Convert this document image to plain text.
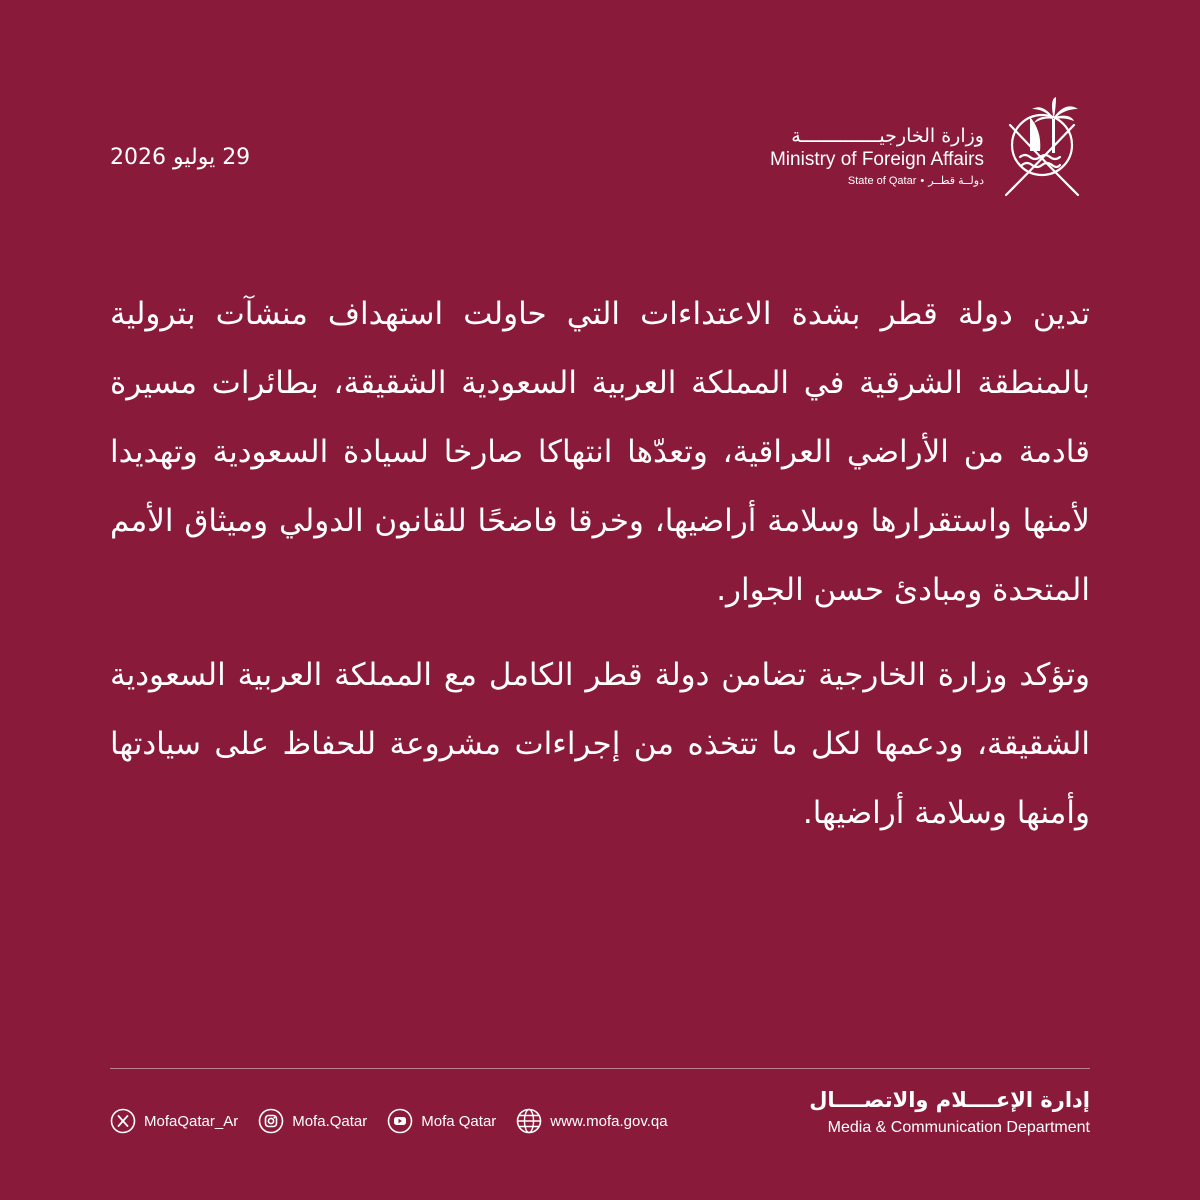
29 يوليو 2026
وزارة الخارجيــــــــــــــة
Ministry of Foreign Affairs
State of Qatar • دولــة قطــر

تدين دولة قطر بشدة الاعتداءات التي حاولت استهداف منشآت بترولية بالمنطقة الشرقية في المملكة العربية السعودية الشقيقة، بطائرات مسيرة قادمة من الأراضي العراقية، وتعدّها انتهاكا صارخا لسيادة السعودية وتهديدا لأمنها واستقرارها وسلامة أراضيها، وخرقا فاضحًا للقانون الدولي وميثاق الأمم المتحدة ومبادئ حسن الجوار.

وتؤكد وزارة الخارجية تضامن دولة قطر الكامل مع المملكة العربية السعودية الشقيقة، ودعمها لكل ما تتخذه من إجراءات مشروعة للحفاظ على سيادتها وأمنها وسلامة أراضيها.

إدارة الإعــــلام والاتصــــال
Media & Communication Department
MofaQatar_Ar	Mofa.Qatar	Mofa Qatar	www.mofa.gov.qa
